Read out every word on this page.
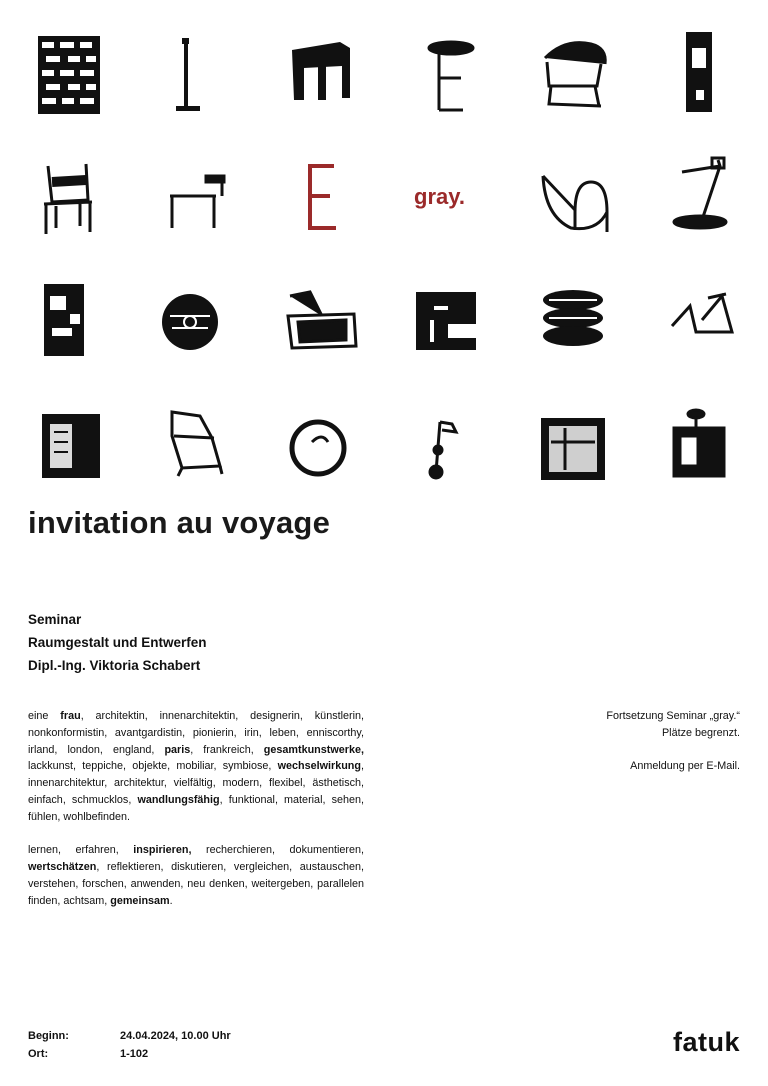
gray.
invitation au voyage
Seminar
Raumgestalt und Entwerfen
Dipl.-Ing. Viktoria Schabert

eine frau, architektin, innenarchitektin, designerin, künstlerin, nonkonformistin, avantgardistin, pionierin, irin, leben, enniscorthy, irland, london, england, paris, frankreich, gesamtkunstwerke, lackkunst, teppiche, objekte, mobiliar, symbiose, wechselwirkung, innenarchitektur, architektur, vielfältig, modern, flexibel, ästhetisch, einfach, schmucklos, wandlungsfähig, funktional, material, sehen, fühlen, wohlbefinden.

lernen, erfahren, inspirieren, recherchieren, dokumentieren, wertschätzen, reflektieren, diskutieren, vergleichen, austauschen, verstehen, forschen, anwenden, neu denken, weitergeben, parallelen finden, achtsam, gemeinsam.

Fortsetzung Seminar „gray.“
Plätze begrenzt.
Anmeldung per E-Mail.
Beginn:	24.04.2024, 10.00 Uhr
Ort:	1-102	fatuk
